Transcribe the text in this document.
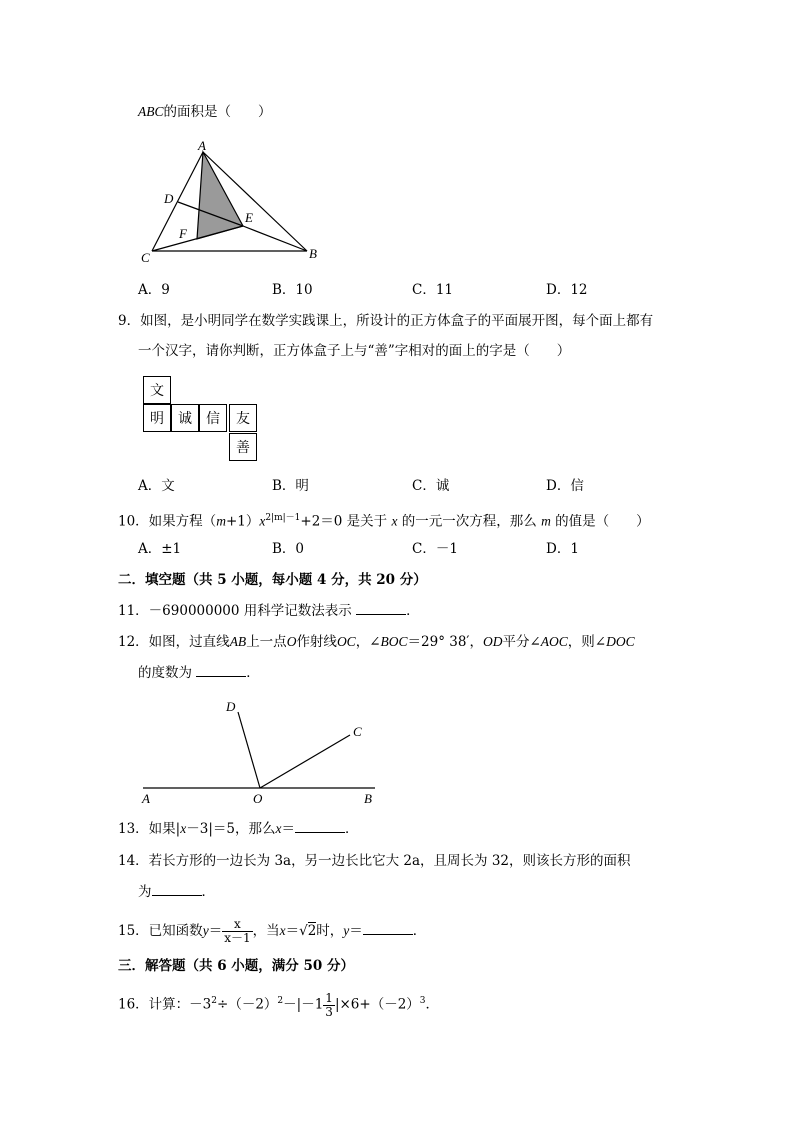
ABC的面积是（　　）
A
D
E
F
C	B
A．9	B．10	C．11	D．12
9．如图，是小明同学在数学实践课上，所设计的正方体盒子的平面展开图，每个面上都有
一个汉字，请你判断，正方体盒子上与“善”字相对的面上的字是（　　）
文
明	诚	信	友
善
A．文	B．明	C．诚	D．信
10．如果方程$(m+1)x^{2|m|-1}+2=0$ 是关于 x 的一元一次方程，那么 m 的值是（　　）
A．±1	B．0	C．－1	D．1
二．填空题（共 5 小题，每小题 4 分，共 20 分）
11．－690000000 用科学记数法表示	．
12．如图，过直线AB上一点O作射线OC，∠BOC＝29° 38′，OD平分∠AOC，则∠DOC
的度数为	．
D
C
A	O	B
13．如果|x－3|＝5，那么x＝	．
14．若长方形的一边长为 3a，另一边长比它大 2a，且周长为 32，则该长方形的面积
为	．
15．已知函数$y= \frac{x}{x-1}$ ，当x＝√2时，y＝	．
三．解答题（共 6 小题，满分 50 分）
16．计算：$-3^2\div(-2)^2-|-1 \frac{1}{3} |\times 6+(-2)^3$．
